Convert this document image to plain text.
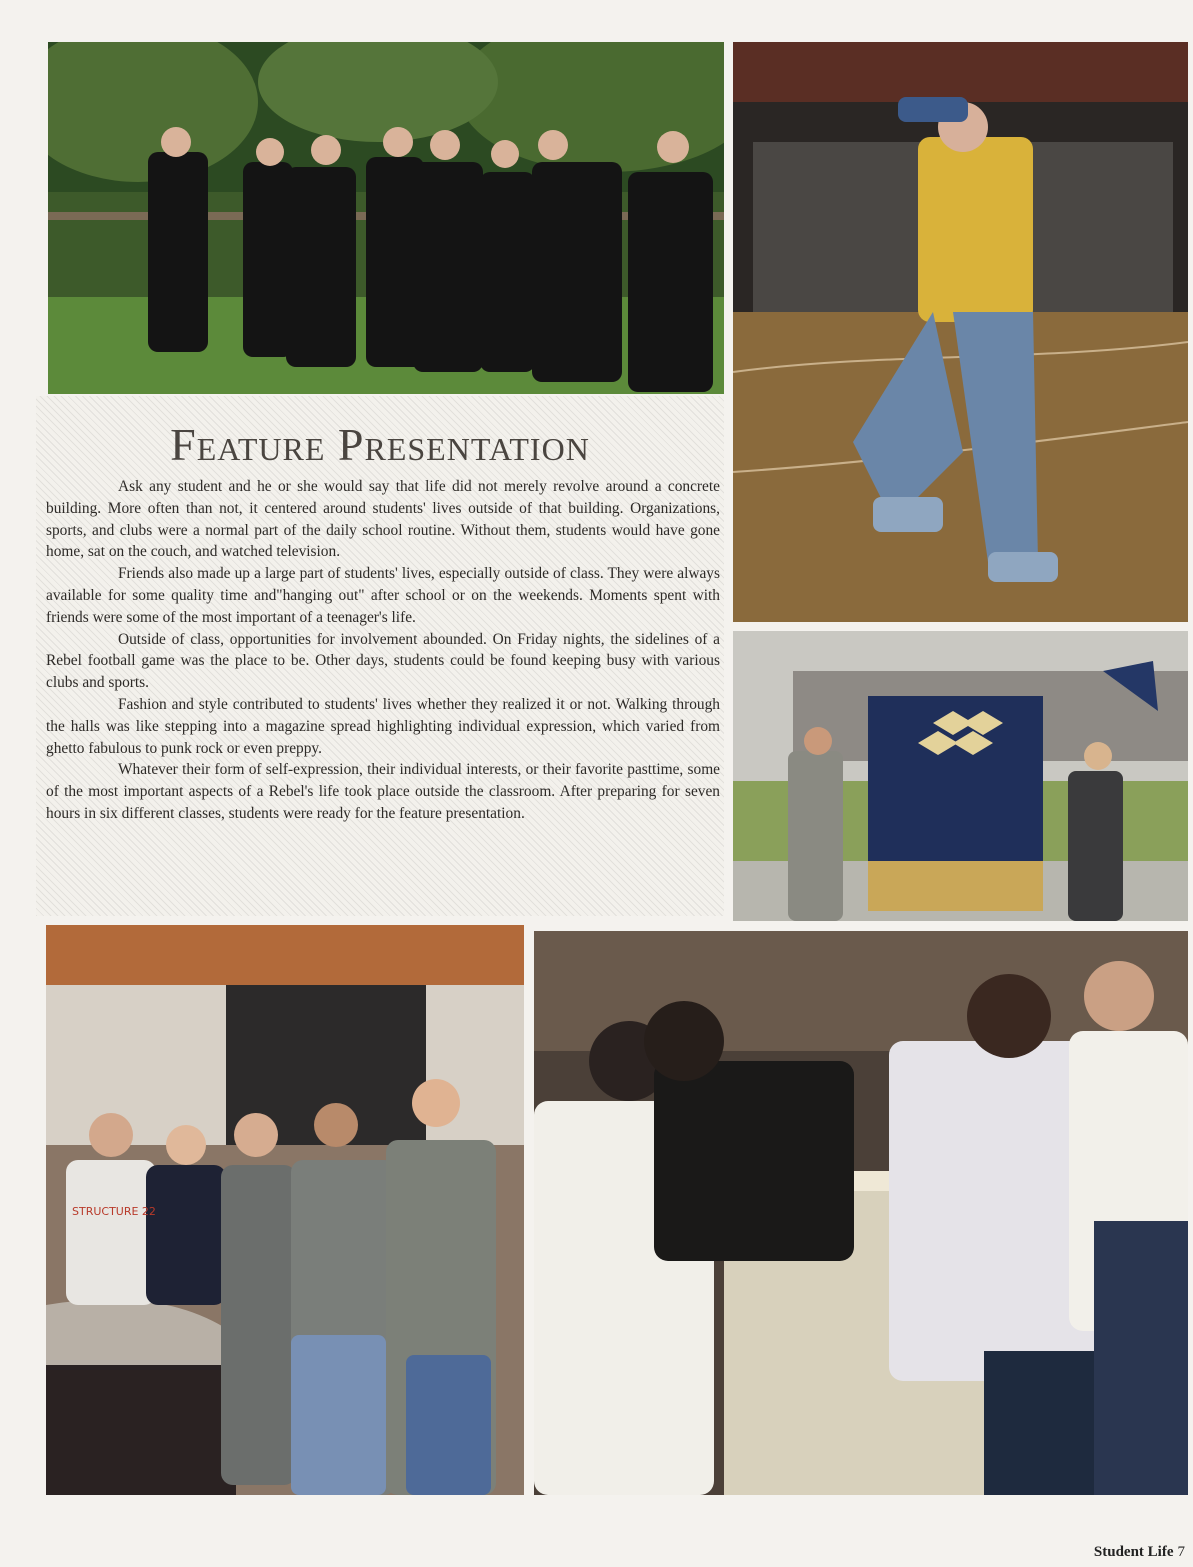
STRUCTURE 22
Feature Presentation

Ask any student and he or she would say that life did not merely revolve around a concrete building. More often than not, it centered around students' lives outside of that building. Organizations, sports, and clubs were a normal part of the daily school routine. Without them, students would have gone home, sat on the couch, and watched television.

Friends also made up a large part of students' lives, especially outside of class. They were always available for some quality time and"hanging out" after school or on the weekends. Moments spent with friends were some of the most important of a teenager's life.

Outside of class, opportunities for involvement abounded. On Friday nights, the sidelines of a Rebel football game was the place to be. Other days, students could be found keeping busy with various clubs and sports.

Fashion and style contributed to students' lives whether they realized it or not. Walking through the halls was like stepping into a magazine spread highlighting individual expression, which varied from ghetto fabulous to punk rock or even preppy.

Whatever their form of self-expression, their individual interests, or their favorite pasttime, some of the most important aspects of a Rebel's life took place outside the classroom. After preparing for seven hours in six different classes, students were ready for the feature presentation.

Student Life 7
